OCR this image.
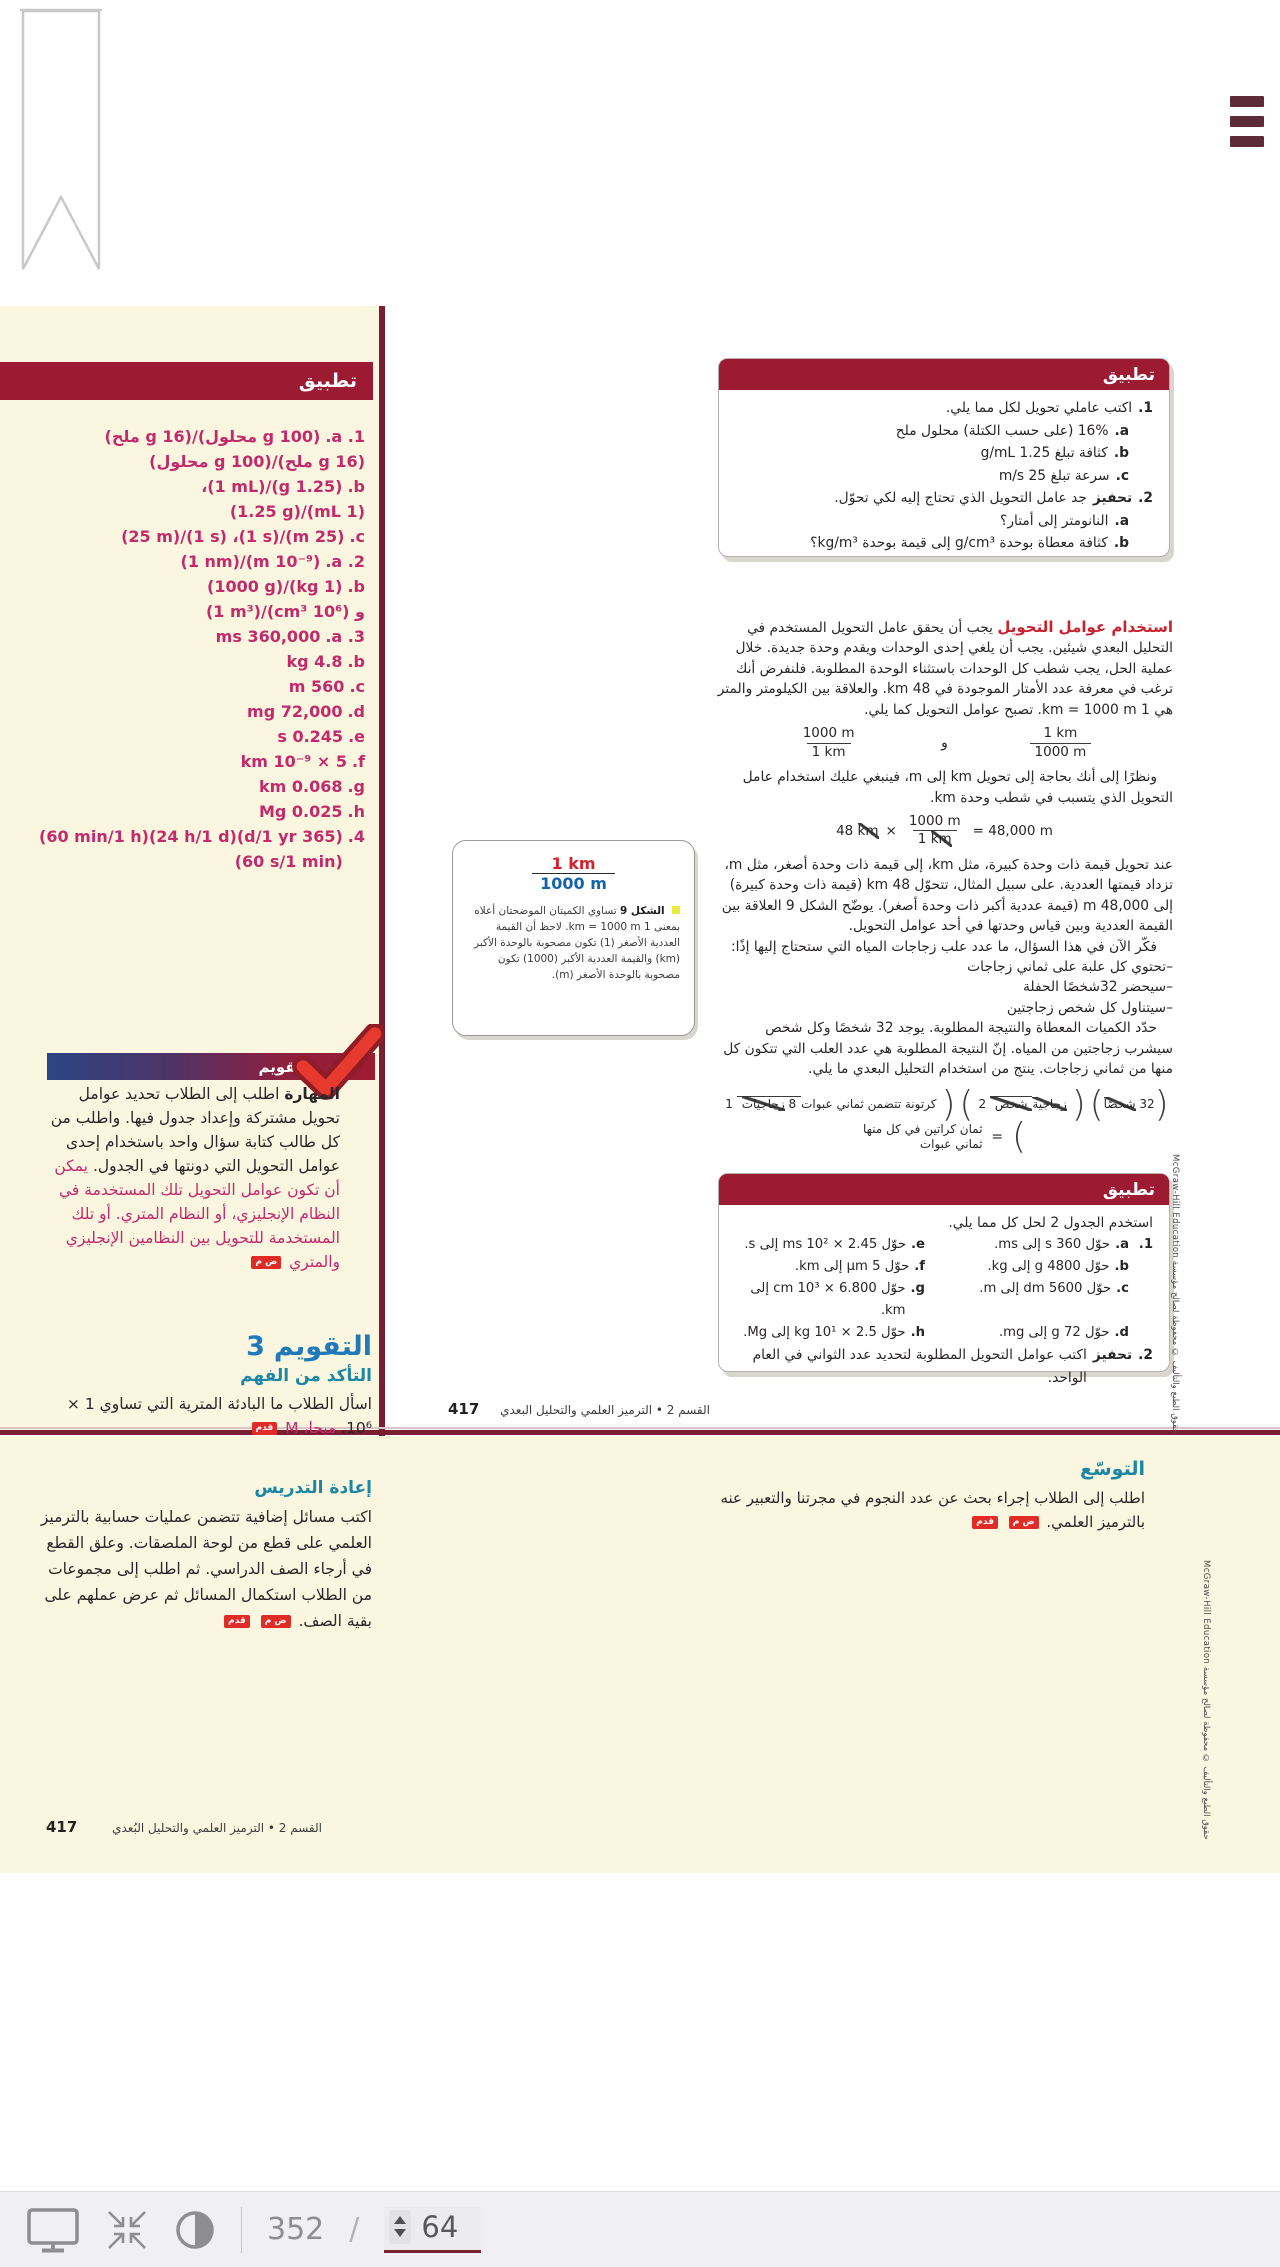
تطبيق
1. a.
(100 g محلول)/(16 g ملح)
(16 g ملح)/(100 g محلول)
b.
(1.25 g)/(1 mL)،
(1 mL)/(1.25 g)
c.
(25 m)/(1 s)، (1 s)/(25 m)
2. a.
(10⁻⁹ m)/(1 nm)
b.
(1 kg)/(1000 g)
و (10⁶ cm³)/(1 m³)
3. a.
360,000 ms
b.
4.8 kg
c.
560 m
d.
72,000 mg
e.
0.245 s
f.
5 × 10⁻⁹ km
g.
0.068 km
h.
0.025 Mg
4.
(365 d/1 yr)(24 h/1 d)(60 min/1 h) (60 s/1 min)
التقويم
المهارة اطلب إلى الطلاب تحديد عوامل تحويل مشتركة وإعداد جدول فيها. واطلب من كل طالب كتابة سؤال واحد باستخدام إحدى عوامل التحويل التي دونتها في الجدول. يمكن أن تكون عوامل التحويل تلك المستخدمة في النظام الإنجليزي، أو النظام المتري. أو تلك المستخدمة للتحويل بين النظامين الإنجليزي والمتري ض م
3 التقويم
التأكد من الفهم
اسأل الطلاب ما البادئة المترية التي تساوي 1 × 10⁶. ميجا، M قدم
إعادة التدريس
اكتب مسائل إضافية تتضمن عمليات حسابية بالترميز العلمي على قطع من لوحة الملصقات. وعلق القطع في أرجاء الصف الدراسي. ثم اطلب إلى مجموعات من الطلاب استكمال المسائل ثم عرض عملهم على بقية الصف. ض م قدم
تطبيق
1.
اكتب عاملي تحويل لكل مما يلي.
a.
16% (على حسب الكتلة) محلول ملح
b.
كثافة تبلغ 1.25 g/mL
c.
سرعة تبلغ 25 m/s
2.
تحفيز
جد عامل التحويل الذي تحتاج إليه لكي تحوّل.
a.
النانومتر إلى أمتار؟
b.
كثافة معطاة بوحدة g/cm³ إلى قيمة بوحدة kg/m³؟
استخدام عوامل التحويل يجب أن يحقق عامل التحويل المستخدم في التحليل البعدي شيئين. يجب أن يلغي إحدى الوحدات ويقدم وحدة جديدة. خلال عملية الحل، يجب شطب كل الوحدات باستثناء الوحدة المطلوبة. فلنفرض أنك ترغب في معرفة عدد الأمتار الموجودة في 48 km. والعلاقة بين الكيلومتر والمتر هي 1 km = 1000 m. تصبح عوامل التحويل كما يلي.
$\frac{1 km}{1000 m}$
و
$\frac{1000 m}{1 km}$
ونظرًا إلى أنك بحاجة إلى تحويل km إلى m، فينبغي عليك استخدام عامل التحويل الذي يتسبب في شطب وحدة km.
48 km × $\frac{1000 m}{1 km} = 48,000$ m
عند تحويل قيمة ذات وحدة كبيرة، مثل km، إلى قيمة ذات وحدة أصغر، مثل m، تزداد قيمتها العددية. على سبيل المثال، تتحوّل 48 km (قيمة ذات وحدة كبيرة) إلى 48,000 m (قيمة عددية أكبر ذات وحدة أصغر). يوضّح الشكل 9 العلاقة بين القيمة العددية وبين قياس وحدتها في أحد عوامل التحويل.
فكّر الآن في هذا السؤال، ما عدد علب زجاجات المياه التي ستحتاج إليها إذًا:
–تحتوي كل علبة على ثماني زجاجات
–سيحضر 32شخصًا الحفلة
–سيتناول كل شخص زجاجتين
حدّد الكميات المعطاة والنتيجة المطلوبة. يوجد 32 شخصًا وكل شخص سيشرب زجاجتين من المياه. إنّ النتيجة المطلوبة هي عدد العلب التي تتكون كل منها من ثماني زجاجات. ينتج من استخدام التحليل البعدي ما يلي.
(32 شخصًا) (2	زجاجيةشخص) (1 كرتونة تتضمن ثماني عبوات8 زجاجيات) = ثمان كراتين في كل منها
ثماني عبوات
1 km
1000 m
الشكل 9 تساوي الكميتان الموضحتان أعلاه بمعنى 1 km = 1000 m. لاحظ أن القيمة العددية الأصغر (1) تكون مصحوبة بالوحدة الأكبر (km) والقيمة العددية الأكبر (1000) تكون مصحوبة بالوحدة الأصغر (m).
تطبيق
استخدم الجدول 2 لحل كل مما يلي.
1.
a.
حوّل 360 s إلى ms.
e.
حوّل 2.45 × 10² ms إلى s.
b.
حوّل 4800 g إلى kg.
f.
حوّل 5 μm إلى km.
c.
حوّل 5600 dm إلى m.
g.
حوّل 6.800 × 10³ cm إلى km.
d.
حوّل 72 g إلى mg.
h.
حوّل 2.5 × 10¹ kg إلى Mg.
2.
تحفيز
اكتب عوامل التحويل المطلوبة لتحديد عدد الثواني في العام الواحد.
القسم 2 • الترميز العلمي والتحليل البعدي
417
حقوق الطبع والتأليف © محفوظة لصالح مؤسسة McGraw-Hill Education
حقوق الطبع والتأليف © محفوظة لصالح مؤسسة McGraw-Hill Education
التوسّع
اطلب إلى الطلاب إجراء بحث عن عدد النجوم في مجرتنا والتعبير عنه بالترميز العلمي. ض م قدم
القسم 2 • الترميز العلمي والتحليل البُعدي
417
352 /
64
